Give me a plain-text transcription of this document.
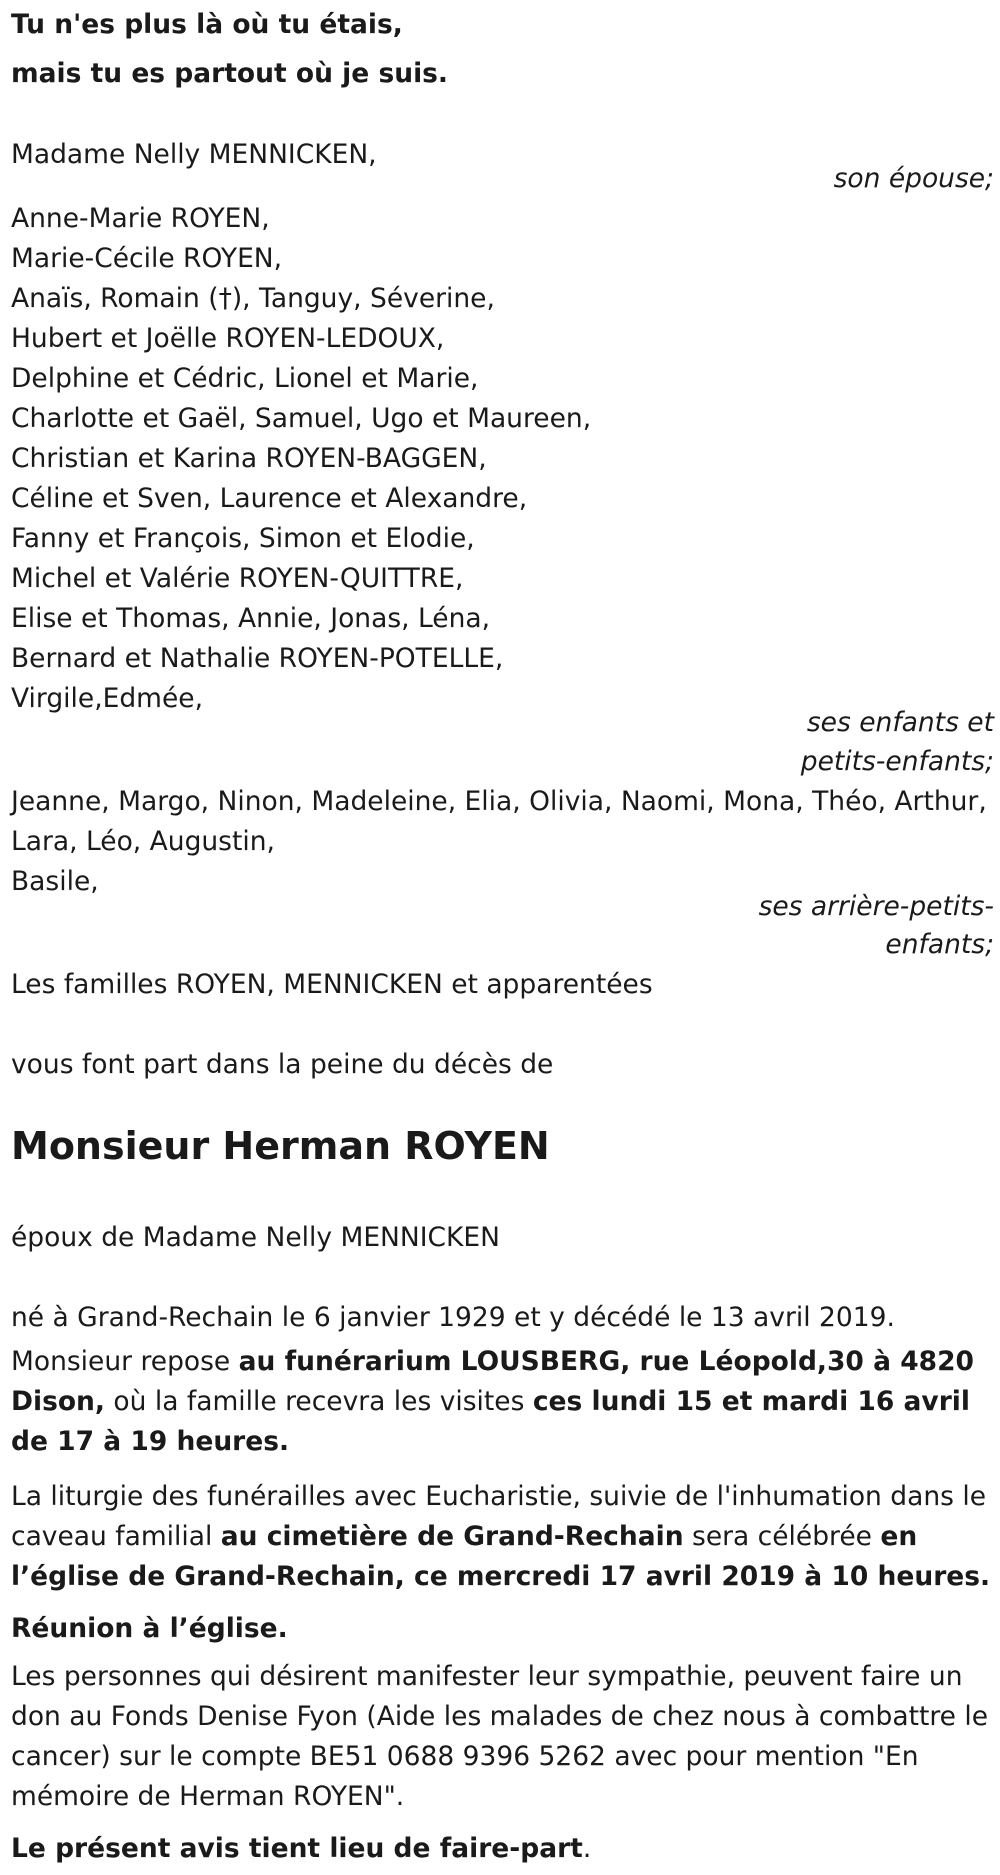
Tu n'es plus là où tu étais,
mais tu es partout où je suis.
Madame Nelly MENNICKEN,
son épouse;
Anne-Marie ROYEN,
Marie-Cécile ROYEN,
Anaïs, Romain (†), Tanguy, Séverine,
Hubert et Joëlle ROYEN-LEDOUX,
Delphine et Cédric, Lionel et Marie,
Charlotte et Gaël, Samuel, Ugo et Maureen,
Christian et Karina ROYEN-BAGGEN,
Céline et Sven, Laurence et Alexandre,
Fanny et François, Simon et Elodie,
Michel et Valérie ROYEN-QUITTRE,
Elise et Thomas, Annie, Jonas, Léna,
Bernard et Nathalie ROYEN-POTELLE,
Virgile,Edmée,
ses enfants et
petits-enfants;
Jeanne, Margo, Ninon, Madeleine, Elia, Olivia, Naomi, Mona, Théo, Arthur,
Lara, Léo, Augustin,
Basile,
ses arrière-petits-
enfants;
Les familles ROYEN, MENNICKEN et apparentées
vous font part dans la peine du décès de
Monsieur Herman ROYEN
époux de Madame Nelly MENNICKEN
né à Grand-Rechain le 6 janvier 1929 et y décédé le 13 avril 2019.
Monsieur repose au funérarium LOUSBERG, rue Léopold,30 à 4820 Dison, où la famille recevra les visites ces lundi 15 et mardi 16 avril de 17 à 19 heures.
La liturgie des funérailles avec Eucharistie, suivie de l'inhumation dans le caveau familial au cimetière de Grand-Rechain sera célébrée en l’église de Grand-Rechain, ce mercredi 17 avril 2019 à 10 heures.
Réunion à l’église.
Les personnes qui désirent manifester leur sympathie, peuvent faire un don au Fonds Denise Fyon (Aide les malades de chez nous à combattre le cancer) sur le compte BE51 0688 9396 5262 avec pour mention "En mémoire de Herman ROYEN".
Le présent avis tient lieu de faire-part.
